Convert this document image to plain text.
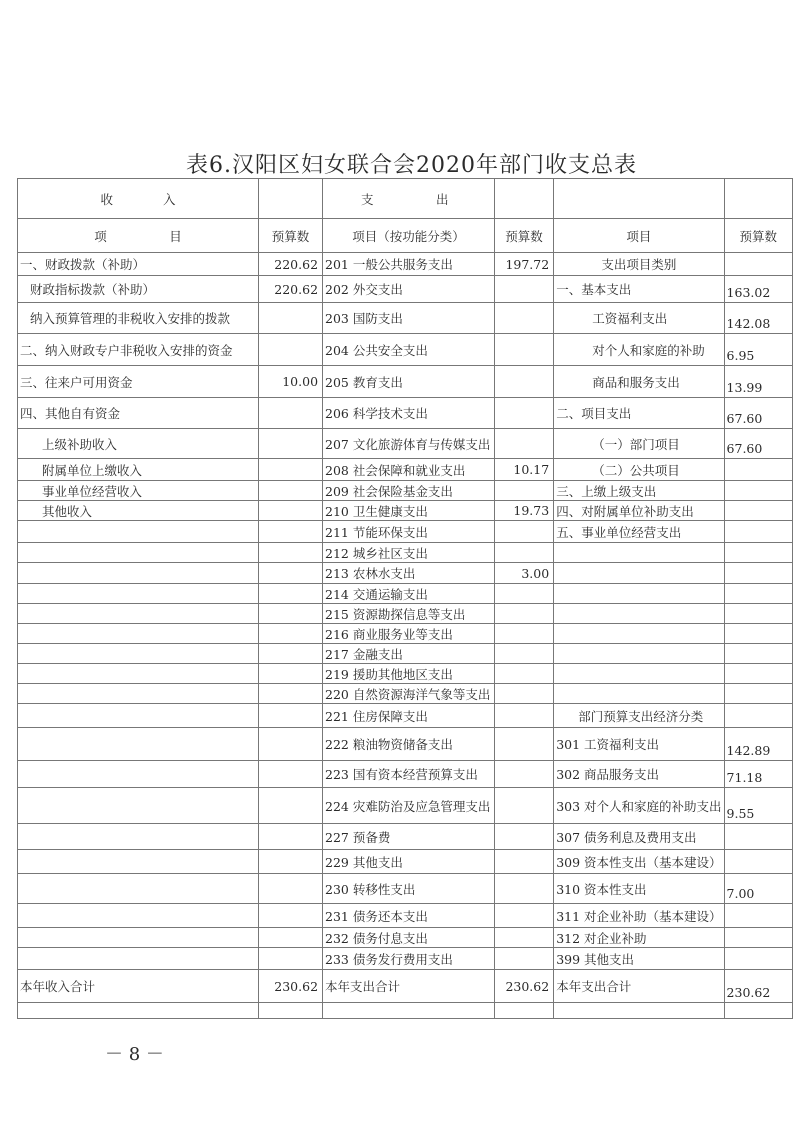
表6.汉阳区妇女联合会2020年部门收支总表
收　　　　入		支　　　　　出			
项　　　　　目	预算数	项目（按功能分类）	预算数	项目	预算数
一、财政拨款（补助）	220.62	201 一般公共服务支出	197.72	支出项目类别	
财政指标拨款（补助）	220.62	202 外交支出		一、基本支出	163.02
纳入预算管理的非税收入安排的拨款		203 国防支出		工资福利支出	142.08
二、纳入财政专户非税收入安排的资金		204 公共安全支出		对个人和家庭的补助	6.95
三、往来户可用资金	10.00	205 教育支出		商品和服务支出	13.99
四、其他自有资金		206 科学技术支出		二、项目支出	67.60
上级补助收入		207 文化旅游体育与传媒支出		（一）部门项目	67.60
附属单位上缴收入		208 社会保障和就业支出	10.17	（二）公共项目	
事业单位经营收入		209 社会保险基金支出		三、上缴上级支出	
其他收入		210 卫生健康支出	19.73	四、对附属单位补助支出	
		211 节能环保支出		五、事业单位经营支出	
		212 城乡社区支出			
		213 农林水支出	3.00		
		214 交通运输支出			
		215 资源勘探信息等支出			
		216 商业服务业等支出			
		217 金融支出			
		219 援助其他地区支出			
		220 自然资源海洋气象等支出			
		221 住房保障支出		部门预算支出经济分类	
		222 粮油物资储备支出		301 工资福利支出	142.89
		223 国有资本经营预算支出		302 商品服务支出	71.18
		224 灾难防治及应急管理支出		303 对个人和家庭的补助支出	9.55
		227 预备费		307 债务利息及费用支出	
		229 其他支出		309 资本性支出（基本建设）	
		230 转移性支出		310 资本性支出	7.00
		231 债务还本支出		311 对企业补助（基本建设）	
		232 债务付息支出		312 对企业补助	
		233 债务发行费用支出		399 其他支出	
本年收入合计	230.62	本年支出合计	230.62	本年支出合计	230.62

－ 8 －
